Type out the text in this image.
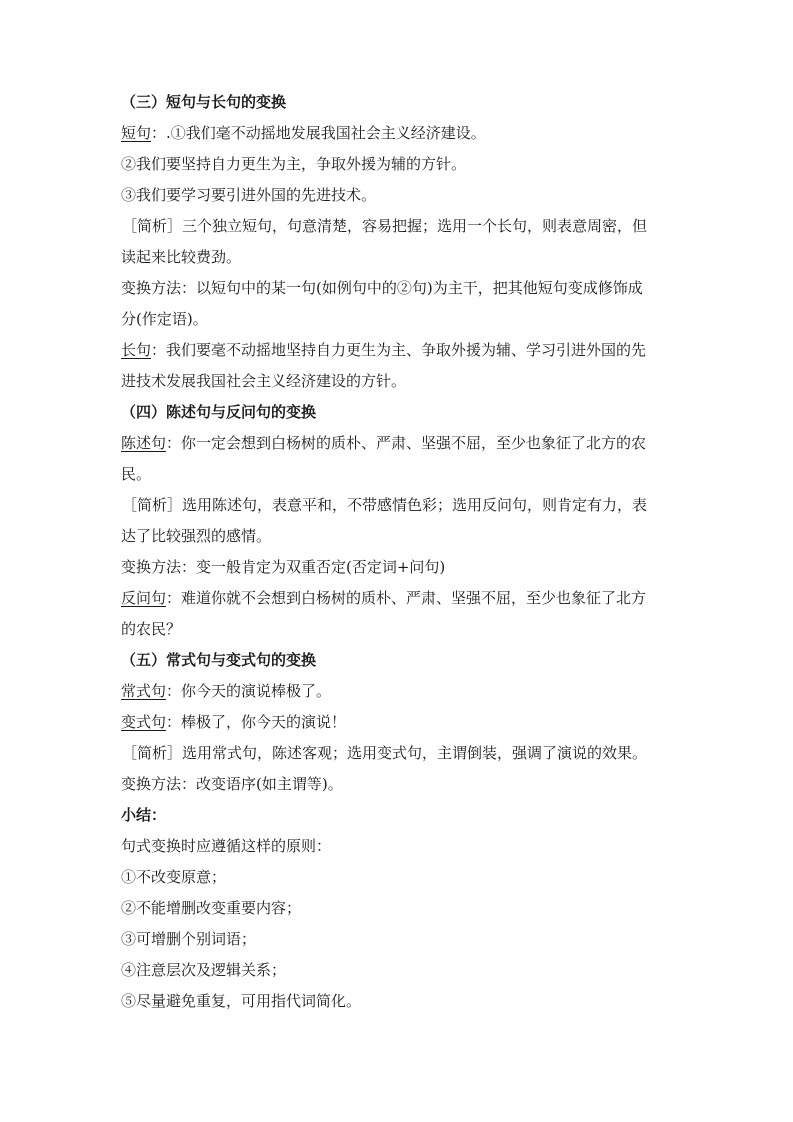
（三）短句与长句的变换

短句：.①我们毫不动摇地发展我国社会主义经济建设。

②我们要坚持自力更生为主，争取外援为辅的方针。

③我们要学习要引进外国的先进技术。

［简析］三个独立短句，句意清楚，容易把握；选用一个长句，则表意周密，但

读起来比较费劲。

变换方法：以短句中的某一句(如例句中的②句)为主干，把其他短句变成修饰成

分(作定语)。

长句：我们要毫不动摇地坚持自力更生为主、争取外援为辅、学习引进外国的先

进技术发展我国社会主义经济建设的方针。

（四）陈述句与反问句的变换

陈述句：你一定会想到白杨树的质朴、严肃、坚强不屈，至少也象征了北方的农

民。

［简析］选用陈述句，表意平和，不带感情色彩；选用反问句，则肯定有力，表

达了比较强烈的感情。

变换方法：变一般肯定为双重否定(否定词+问句)

反问句：难道你就不会想到白杨树的质朴、严肃、坚强不屈，至少也象征了北方

的农民？

（五）常式句与变式句的变换

常式句：你今天的演说棒极了。

变式句：棒极了，你今天的演说！

［简析］选用常式句，陈述客观；选用变式句，主谓倒装，强调了演说的效果。

变换方法：改变语序(如主谓等)。

小结：

句式变换时应遵循这样的原则：

①不改变原意；

②不能增删改变重要内容；

③可增删个别词语；

④注意层次及逻辑关系；

⑤尽量避免重复，可用指代词简化。
